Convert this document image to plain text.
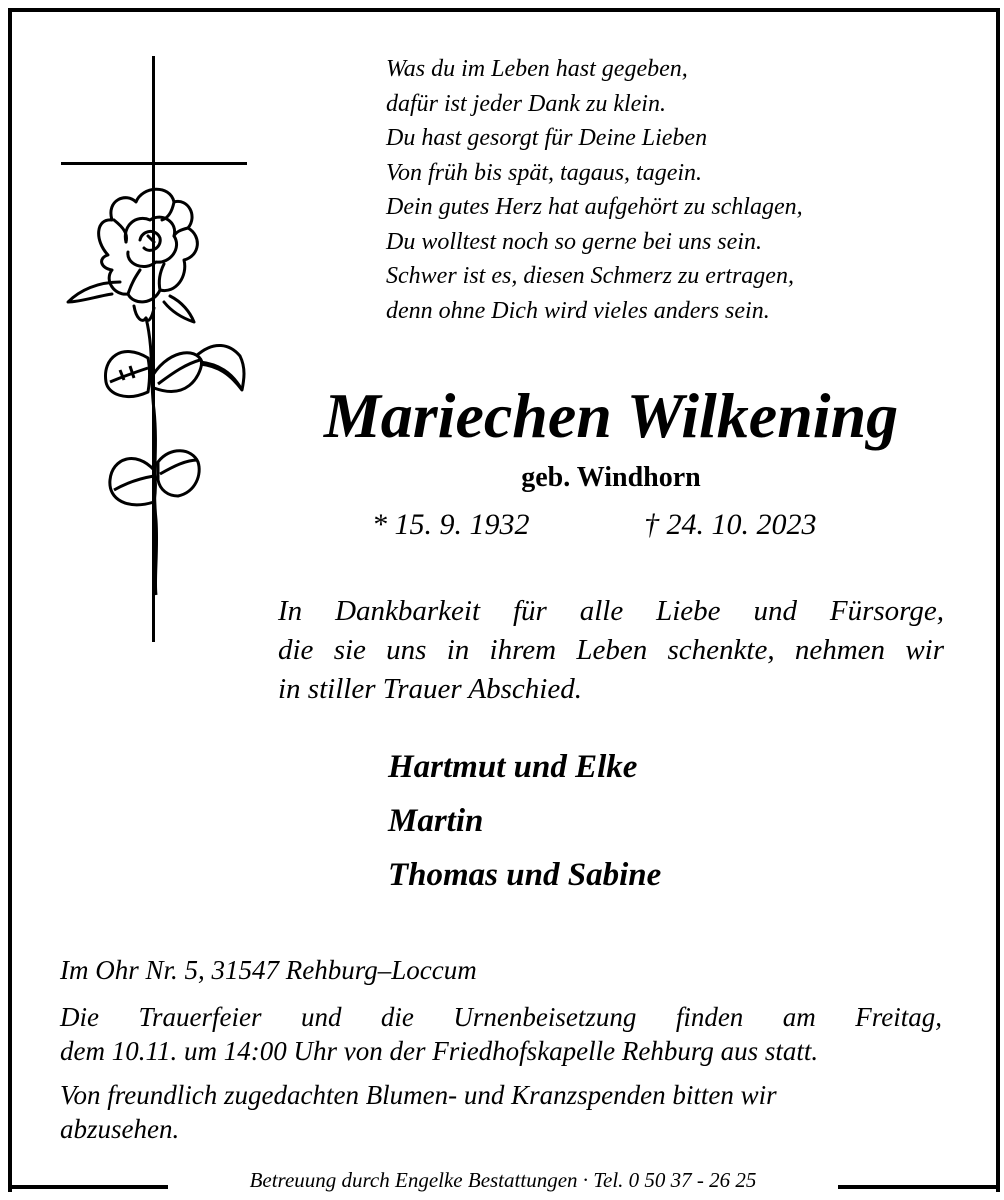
Was du im Leben hast gegeben,
dafür ist jeder Dank zu klein.
Du hast gesorgt für Deine Lieben
Von früh bis spät, tagaus, tagein.
Dein gutes Herz hat aufgehört zu schlagen,
Du wolltest noch so gerne bei uns sein.
Schwer ist es, diesen Schmerz zu ertragen,
denn ohne Dich wird vieles anders sein.
Mariechen Wilkening
geb. Windhorn
* 15. 9. 1932	† 24. 10. 2023
In Dankbarkeit für alle Liebe und Fürsorge,
die sie uns in ihrem Leben schenkte, nehmen wir
in stiller Trauer Abschied.
Hartmut und Elke
Martin
Thomas und Sabine
Im Ohr Nr. 5, 31547 Rehburg–Loccum
Die Trauerfeier und die Urnenbeisetzung finden am Freitag,
dem 10.11. um 14:00 Uhr von der Friedhofskapelle Rehburg aus statt.
Von freundlich zugedachten Blumen- und Kranzspenden bitten wir
abzusehen.
Betreuung durch Engelke Bestattungen · Tel. 0 50 37 - 26 25
